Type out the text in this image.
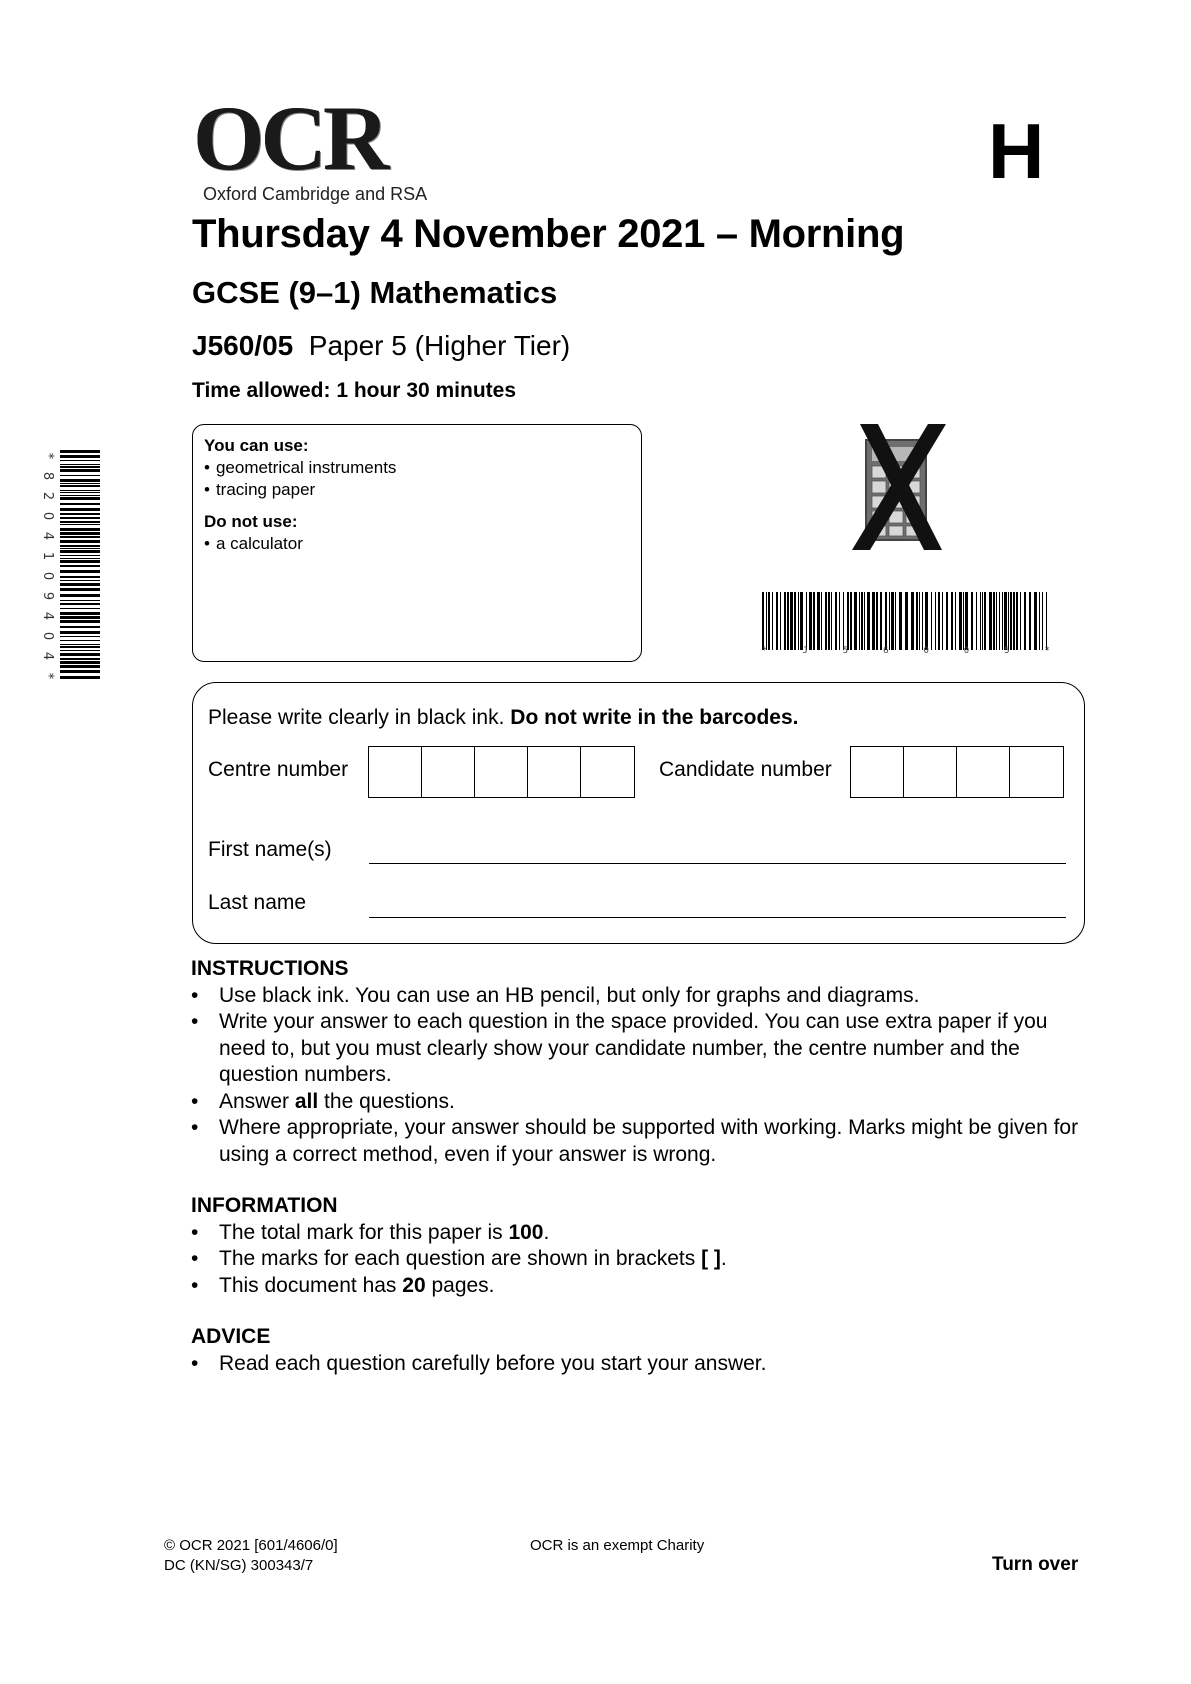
OCR
Oxford Cambridge and RSA	H
Thursday 4 November 2021 – Morning
GCSE (9–1) Mathematics
J560/05 Paper 5 (Higher Tier)
Time allowed: 1 hour 30 minutes
*
8
2
0
4
1
0
9
4
0
4
*
You can use:
• geometrical instruments
• tracing paper
Do not use:
• a calculator
*	J	5	6	0	0	5	*
Please write clearly in black ink. Do not write in the barcodes.
Centre number	Candidate number
First name(s)
Last name
INSTRUCTIONS
• Use black ink. You can use an HB pencil, but only for graphs and diagrams.
• Write your answer to each question in the space provided. You can use extra paper if you need to, but you must clearly show your candidate number, the centre number and the question numbers.
• Answer all the questions.
• Where appropriate, your answer should be supported with working. Marks might be given for using a correct method, even if your answer is wrong.
INFORMATION
• The total mark for this paper is 100.
• The marks for each question are shown in brackets [ ].
• This document has 20 pages.
ADVICE
• Read each question carefully before you start your answer.
© OCR 2021 [601/4606/0]
DC (KN/SG) 300343/7
OCR is an exempt Charity
Turn over
